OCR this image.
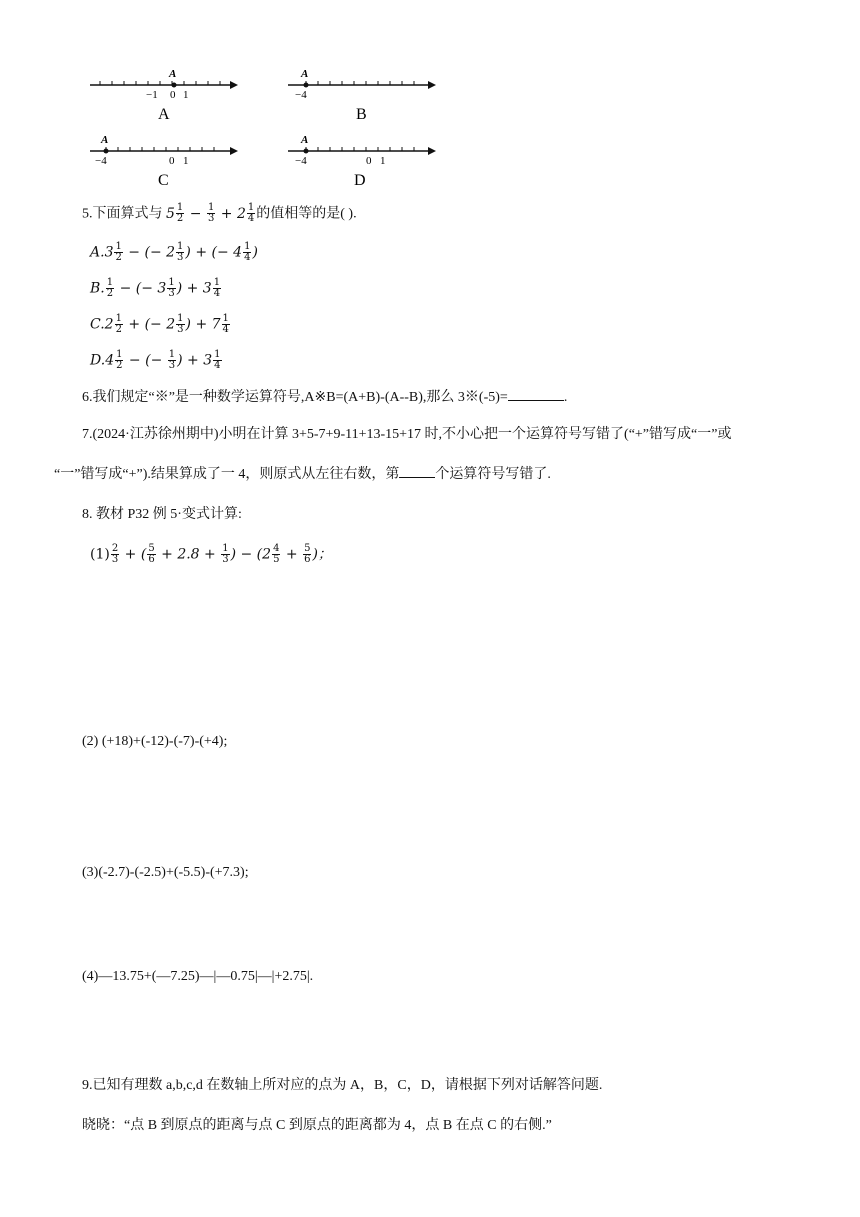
A
−1 0 1
A
A
−4
B
A
−4	0 1
C
A
−4	0 1
D
5.下面算式与 $5 \frac{1}{2} - \frac{1}{3} + 2 \frac{1}{4}$ 的值相等的是( ).
$A.3 \frac{1}{2}$ − (− $2 \frac{1}{3}$ ) + (− $4 \frac{1}{4}$ )
B. $\frac{1}{2}$ − (− $3 \frac{1}{3}$ ) + $3 \frac{1}{4}$
$C.2 \frac{1}{2}$ + (− $2 \frac{1}{3}$ ) + $7 \frac{1}{4}$
$D.4 \frac{1}{2}$ − (− $\frac{1}{3}$ ) + $3 \frac{1}{4}$
6.我们规定“※”是一种数学运算符号,A※B=(A+B)-(A--B),那么 3※(-5)=	.
7.(2024·江苏徐州期中)小明在计算 3+5-7+9-11+13-15+17 时,不小心把一个运算符号写错了(“+”错写成“一”或
“一”错写成“+”).结果算成了一 4，则原式从左往右数，第	个运算符号写错了.
8. 教材 P32 例 5·变式计算:
$(1) \frac{2}{3}$ + ( $\frac{5}{6} + 2.8 + \frac{1}{3}$ ) − ($2 \frac{4}{5} + \frac{5}{6}$ )；
(2) (+18)+(-12)-(-7)-(+4);
(3)(-2.7)-(-2.5)+(-5.5)-(+7.3);
(4)—13.75+(—7.25)—|—0.75|—|+2.75|.
9.已知有理数 a,b,c,d 在数轴上所对应的点为 A，B，C，D，请根据下列对话解答问题.
晓晓：“点 B 到原点的距离与点 C 到原点的距离都为 4，点 B 在点 C 的右侧.”
